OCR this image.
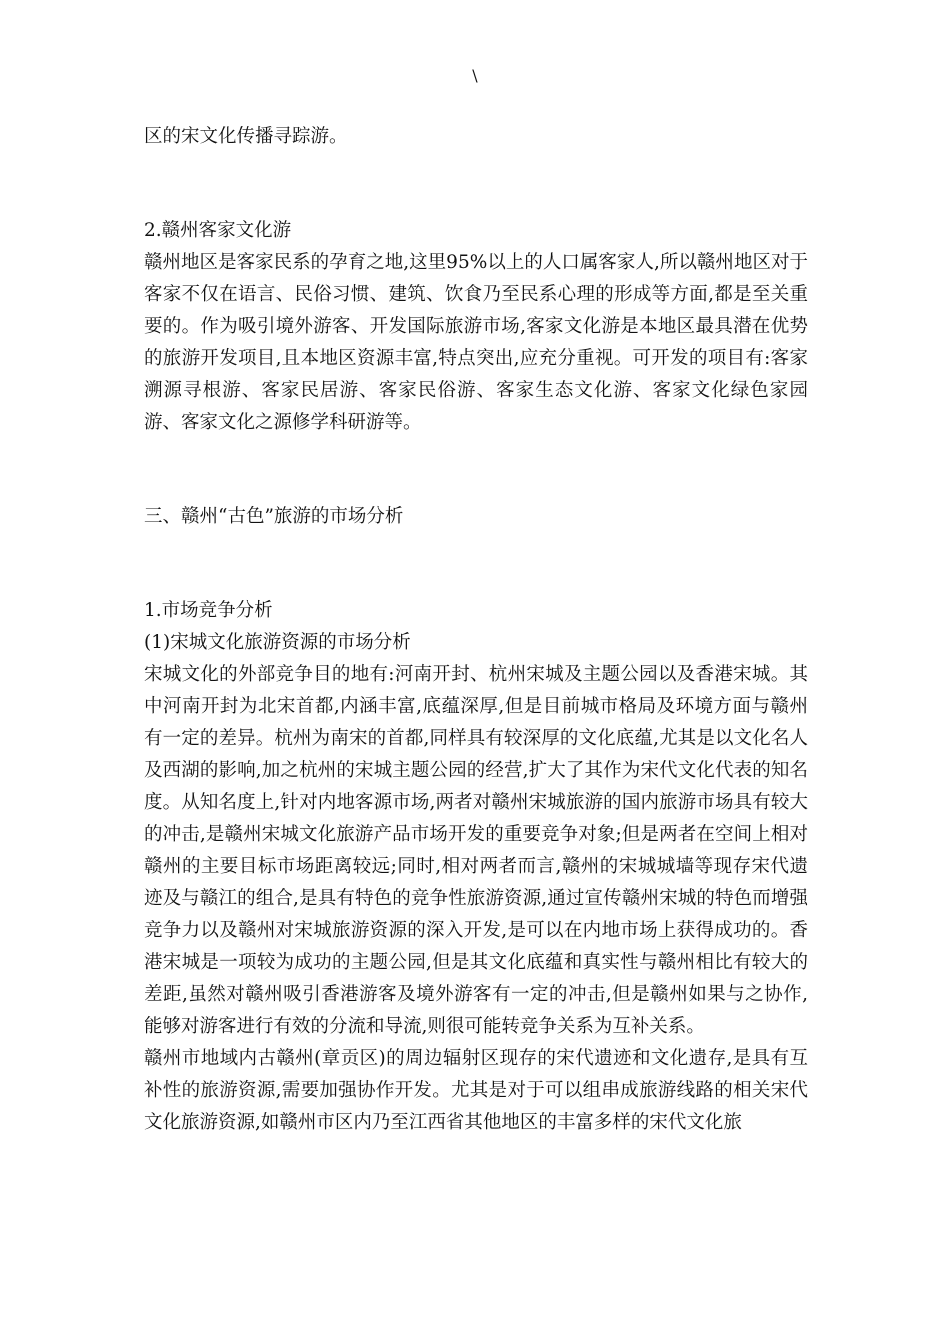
\

区的宋文化传播寻踪游。

2.赣州客家文化游

赣州地区是客家民系的孕育之地,这里95%以上的人口属客家人,所以赣州地区对于客家不仅在语言、民俗习惯、建筑、饮食乃至民系心理的形成等方面,都是至关重要的。作为吸引境外游客、开发国际旅游市场,客家文化游是本地区最具潜在优势的旅游开发项目,且本地区资源丰富,特点突出,应充分重视。可开发的项目有:客家溯源寻根游、客家民居游、客家民俗游、客家生态文化游、客家文化绿色家园游、客家文化之源修学科研游等。

三、赣州“古色”旅游的市场分析

1.市场竞争分析

(1)宋城文化旅游资源的市场分析

宋城文化的外部竞争目的地有:河南开封、杭州宋城及主题公园以及香港宋城。其中河南开封为北宋首都,内涵丰富,底蕴深厚,但是目前城市格局及环境方面与赣州有一定的差异。杭州为南宋的首都,同样具有较深厚的文化底蕴,尤其是以文化名人及西湖的影响,加之杭州的宋城主题公园的经营,扩大了其作为宋代文化代表的知名度。从知名度上,针对内地客源市场,两者对赣州宋城旅游的国内旅游市场具有较大的冲击,是赣州宋城文化旅游产品市场开发的重要竞争对象;但是两者在空间上相对赣州的主要目标市场距离较远;同时,相对两者而言,赣州的宋城城墙等现存宋代遗迹及与赣江的组合,是具有特色的竞争性旅游资源,通过宣传赣州宋城的特色而增强竞争力以及赣州对宋城旅游资源的深入开发,是可以在内地市场上获得成功的。香港宋城是一项较为成功的主题公园,但是其文化底蕴和真实性与赣州相比有较大的差距,虽然对赣州吸引香港游客及境外游客有一定的冲击,但是赣州如果与之协作,能够对游客进行有效的分流和导流,则很可能转竞争关系为互补关系。

赣州市地域内古赣州(章贡区)的周边辐射区现存的宋代遗迹和文化遗存,是具有互补性的旅游资源,需要加强协作开发。尤其是对于可以组串成旅游线路的相关宋代文化旅游资源,如赣州市区内乃至江西省其他地区的丰富多样的宋代文化旅
